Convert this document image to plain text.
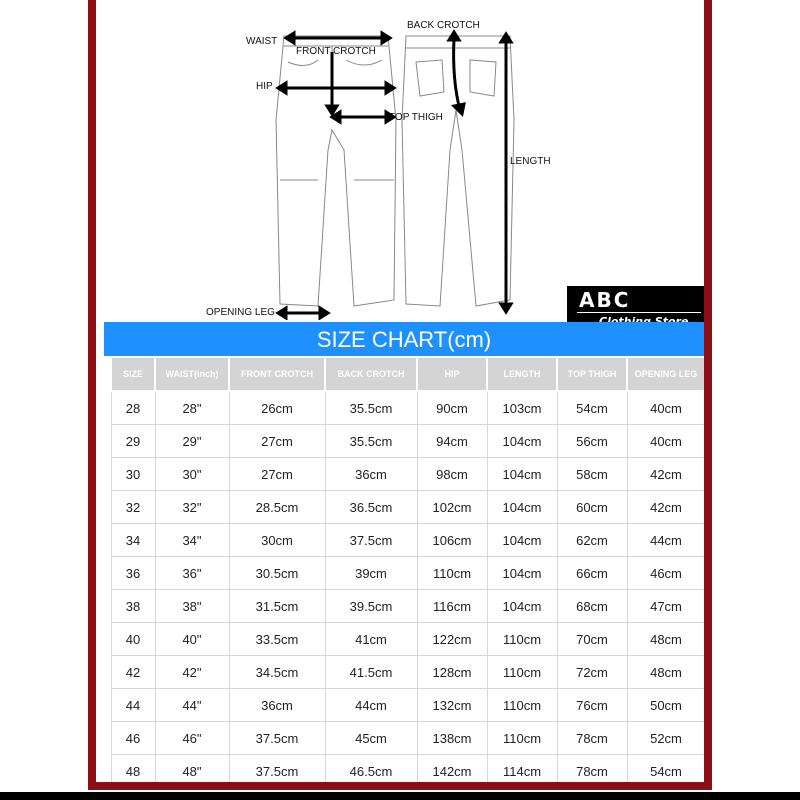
WAIST
FRONT CROTCH
HIP
TOP THIGH
BACK CROTCH
LENGTH
OPENING LEG
ABC
SIZE CHART(cm)
SIZE	WAIST(inch)	FRONT CROTCH	BACK CROTCH	HIP	LENGTH	TOP THIGH	OPENING LEG
28	28"	26cm	35.5cm	90cm	103cm	54cm	40cm
29	29"	27cm	35.5cm	94cm	104cm	56cm	40cm
30	30"	27cm	36cm	98cm	104cm	58cm	42cm
32	32"	28.5cm	36.5cm	102cm	104cm	60cm	42cm
34	34"	30cm	37.5cm	106cm	104cm	62cm	44cm
36	36"	30.5cm	39cm	110cm	104cm	66cm	46cm
38	38"	31.5cm	39.5cm	116cm	104cm	68cm	47cm
40	40"	33.5cm	41cm	122cm	110cm	70cm	48cm
42	42"	34.5cm	41.5cm	128cm	110cm	72cm	48cm
44	44"	36cm	44cm	132cm	110cm	76cm	50cm
46	46"	37.5cm	45cm	138cm	110cm	78cm	52cm
48	48"	37.5cm	46.5cm	142cm	114cm	78cm	54cm
